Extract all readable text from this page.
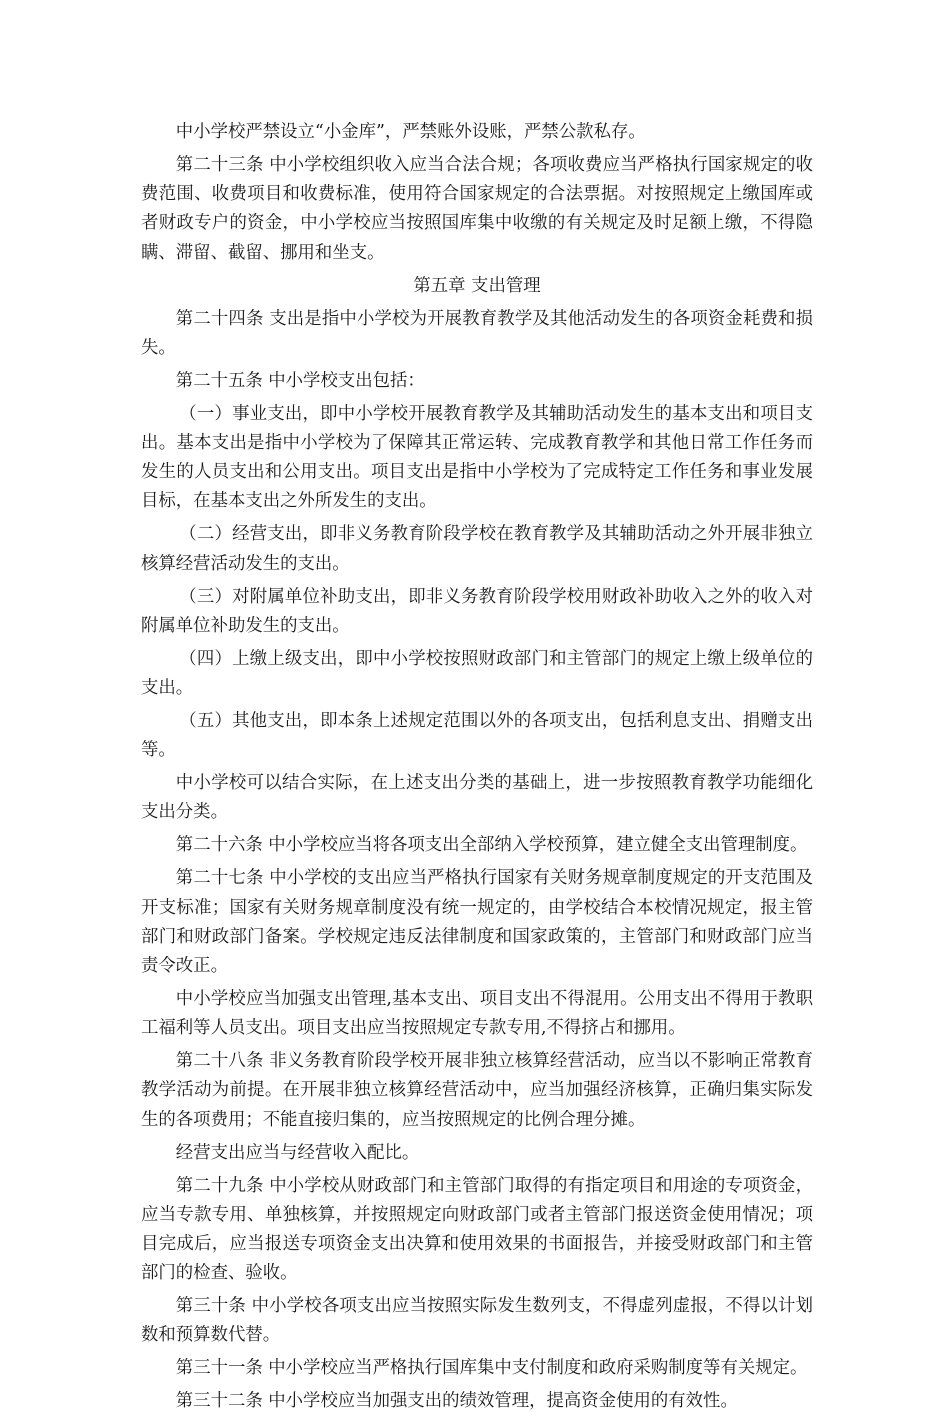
中小学校严禁设立“小金库”，严禁账外设账，严禁公款私存。

第二十三条 中小学校组织收入应当合法合规；各项收费应当严格执行国家规定的收费范围、收费项目和收费标准，使用符合国家规定的合法票据。对按照规定上缴国库或者财政专户的资金，中小学校应当按照国库集中收缴的有关规定及时足额上缴，不得隐瞒、滞留、截留、挪用和坐支。

第五章 支出管理

第二十四条 支出是指中小学校为开展教育教学及其他活动发生的各项资金耗费和损失。

第二十五条 中小学校支出包括：

（一）事业支出，即中小学校开展教育教学及其辅助活动发生的基本支出和项目支出。基本支出是指中小学校为了保障其正常运转、完成教育教学和其他日常工作任务而发生的人员支出和公用支出。项目支出是指中小学校为了完成特定工作任务和事业发展目标，在基本支出之外所发生的支出。

（二）经营支出，即非义务教育阶段学校在教育教学及其辅助活动之外开展非独立核算经营活动发生的支出。

（三）对附属单位补助支出，即非义务教育阶段学校用财政补助收入之外的收入对附属单位补助发生的支出。

（四）上缴上级支出，即中小学校按照财政部门和主管部门的规定上缴上级单位的支出。

（五）其他支出，即本条上述规定范围以外的各项支出，包括利息支出、捐赠支出等。

中小学校可以结合实际，在上述支出分类的基础上，进一步按照教育教学功能细化支出分类。

第二十六条 中小学校应当将各项支出全部纳入学校预算，建立健全支出管理制度。

第二十七条 中小学校的支出应当严格执行国家有关财务规章制度规定的开支范围及开支标准；国家有关财务规章制度没有统一规定的，由学校结合本校情况规定，报主管部门和财政部门备案。学校规定违反法律制度和国家政策的，主管部门和财政部门应当责令改正。

中小学校应当加强支出管理,基本支出、项目支出不得混用。公用支出不得用于教职工福利等人员支出。项目支出应当按照规定专款专用,不得挤占和挪用。

第二十八条 非义务教育阶段学校开展非独立核算经营活动，应当以不影响正常教育教学活动为前提。在开展非独立核算经营活动中，应当加强经济核算，正确归集实际发生的各项费用；不能直接归集的，应当按照规定的比例合理分摊。

经营支出应当与经营收入配比。

第二十九条 中小学校从财政部门和主管部门取得的有指定项目和用途的专项资金，应当专款专用、单独核算，并按照规定向财政部门或者主管部门报送资金使用情况；项目完成后，应当报送专项资金支出决算和使用效果的书面报告，并接受财政部门和主管部门的检查、验收。

第三十条 中小学校各项支出应当按照实际发生数列支，不得虚列虚报，不得以计划数和预算数代替。

第三十一条 中小学校应当严格执行国库集中支付制度和政府采购制度等有关规定。

第三十二条 中小学校应当加强支出的绩效管理，提高资金使用的有效性。
